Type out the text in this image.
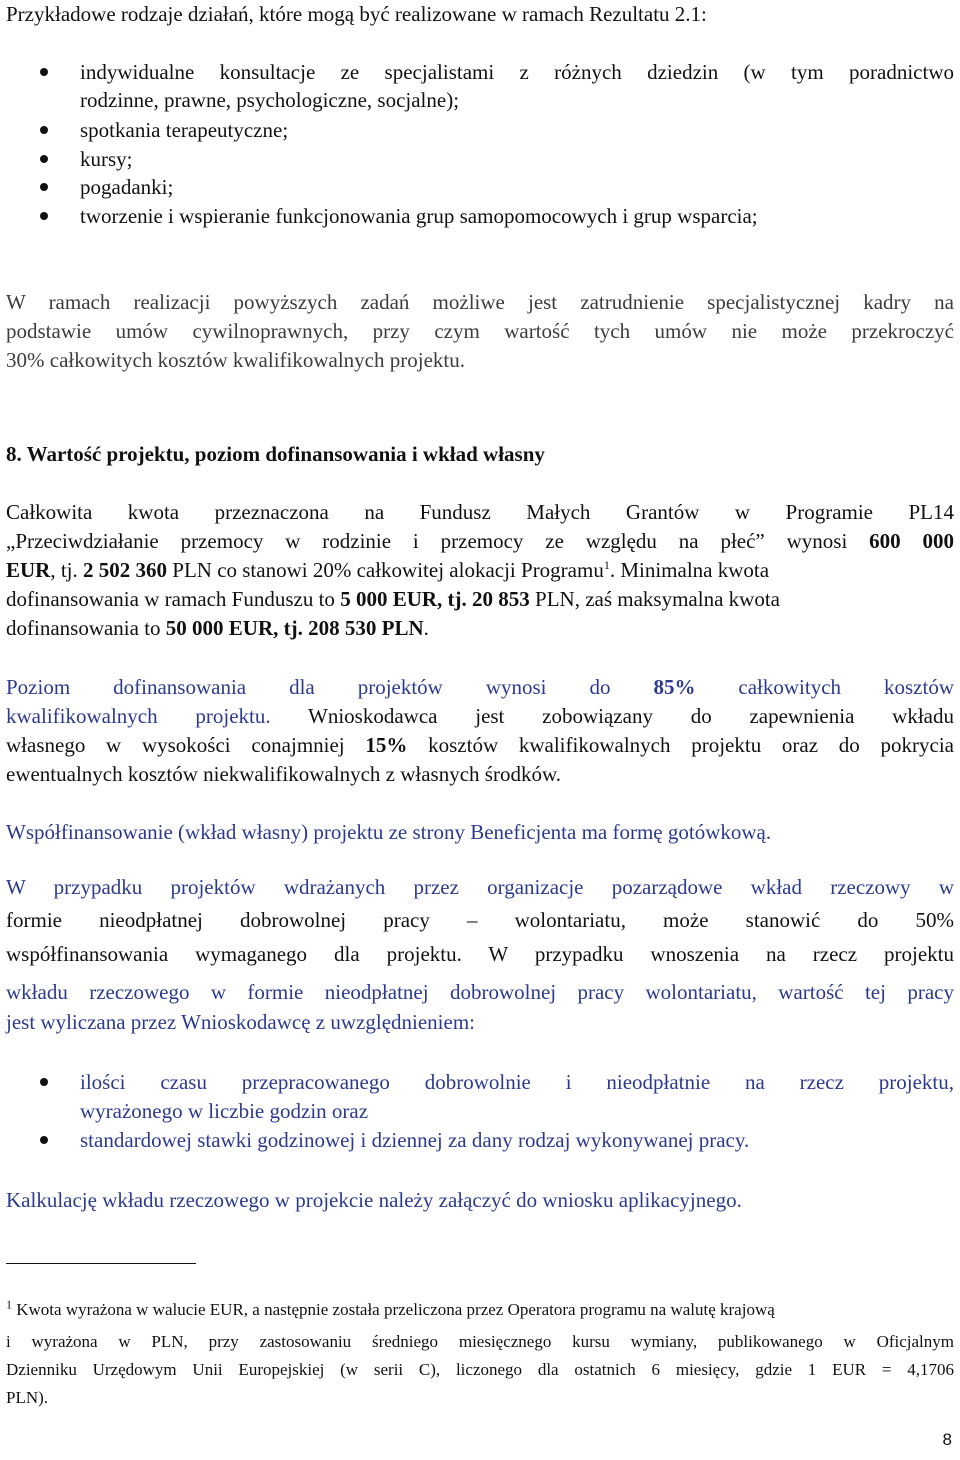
Przykładowe rodzaje działań, które mogą być realizowane w ramach Rezultatu 2.1:
indywidualne konsultacje ze specjalistami z różnych dziedzin (w tym poradnictwo
rodzinne, prawne, psychologiczne, socjalne);
spotkania terapeutyczne;
kursy;
pogadanki;
tworzenie i wspieranie funkcjonowania grup samopomocowych i grup wsparcia;
W ramach realizacji powyższych zadań możliwe jest zatrudnienie specjalistycznej kadry na
podstawie umów cywilnoprawnych, przy czym wartość tych umów nie może przekroczyć
30% całkowitych kosztów kwalifikowalnych projektu.
8. Wartość projektu, poziom dofinansowania i wkład własny
Całkowita kwota przeznaczona na Fundusz Małych Grantów w Programie PL14
„Przeciwdziałanie przemocy w rodzinie i przemocy ze względu na płeć” wynosi 600 000
EUR, tj. 2 502 360 PLN co stanowi 20% całkowitej alokacji Programu$^1$. Minimalna kwota
dofinansowania w ramach Funduszu to 5 000 EUR, tj. 20 853 PLN, zaś maksymalna kwota
dofinansowania to 50 000 EUR, tj. 208 530 PLN.
Poziom dofinansowania dla projektów wynosi do 85% całkowitych kosztów
kwalifikowalnych projektu. Wnioskodawca jest zobowiązany do zapewnienia wkładu
własnego w wysokości conajmniej 15% kosztów kwalifikowalnych projektu oraz do pokrycia
ewentualnych kosztów niekwalifikowalnych z własnych środków.
Współfinansowanie (wkład własny) projektu ze strony Beneficjenta ma formę gotówkową.
W przypadku projektów wdrażanych przez organizacje pozarządowe wkład rzeczowy w
formie nieodpłatnej dobrowolnej pracy – wolontariatu, może stanowić do 50%
współfinansowania wymaganego dla projektu. W przypadku wnoszenia na rzecz projektu
wkładu rzeczowego w formie nieodpłatnej dobrowolnej pracy wolontariatu, wartość tej pracy
jest wyliczana przez Wnioskodawcę z uwzględnieniem:
ilości czasu przepracowanego dobrowolnie i nieodpłatnie na rzecz projektu,
wyrażonego w liczbie godzin oraz
standardowej stawki godzinowej i dziennej za dany rodzaj wykonywanej pracy.
Kalkulację wkładu rzeczowego w projekcie należy załączyć do wniosku aplikacyjnego.
$^1$ Kwota wyrażona w walucie EUR, a następnie została przeliczona przez Operatora programu na walutę krajową
i wyrażona w PLN, przy zastosowaniu średniego miesięcznego kursu wymiany, publikowanego w Oficjalnym
Dzienniku Urzędowym Unii Europejskiej (w serii C), liczonego dla ostatnich 6 miesięcy, gdzie 1 EUR = 4,1706
PLN).
8
